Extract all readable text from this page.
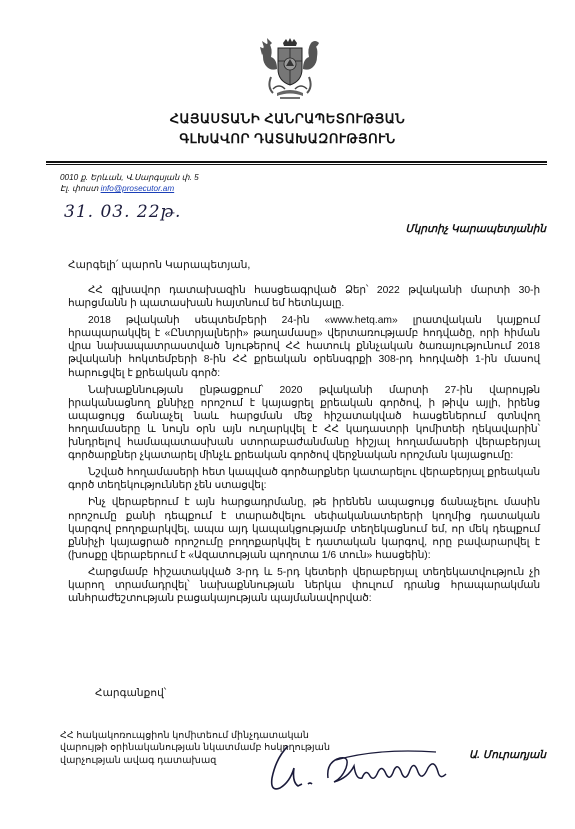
ՀԱՅԱՍՏԱՆԻ ՀԱՆՐԱՊԵՏՈՒԹՅԱՆ
ԳԼԽԱՎՈՐ ԴԱՏԱԽԱԶՈՒԹՅՈՒՆ
0010 ք. Երևան, Վ.Սարգսյան փ. 5
Էլ. փոստ info@prosecutor.am
31. 03. 22թ.
Մկրտիչ Կարապետյանին
Հարգելի՛ պարոն Կարապետյան,

ՀՀ գլխավոր դատախազին հասցեագրված Ձեր՝ 2022 թվականի մարտի 30-ի հարցմանն ի պատասխան հայտնում եմ հետևյալը.

2018 թվականի սեպտեմբերի 24-ին «www.hetq.am» լրատվական կայքում հրապարակվել է «Ընտրյալների» թաղամասը» վերտառությամբ հոդվածը, որի հիման վրա նախապատրաստված նյութերով ՀՀ հատուկ քննչական ծառայությունում 2018 թվականի հոկտեմբերի 8-ին ՀՀ քրեական օրենսգրքի 308-րդ հոդվածի 1-ին մասով հարուցվել է քրեական գործ:

Նախաքննության ընթացքում՝ 2020 թվականի մարտի 27-ին վարույթն իրականացնող քննիչը որոշում է կայացրել քրեական գործով, ի թիվս այլի, իրենց ապացույց ճանաչել նաև հարցման մեջ հիշատակված հասցեներում գտնվող հողամասերը և նույն օրն այն ուղարկվել է ՀՀ կադաստրի կոմիտեի ղեկավարին՝ խնդրելով համապատասխան ստորաբաժանմանը հիշյալ հողամասերի վերաբերյալ գործարքներ չկատարել մինչև քրեական գործով վերջնական որոշման կայացումը:

Նշված հողամասերի հետ կապված գործարքներ կատարելու վերաբերյալ քրեական գործ տեղեկություններ չեն ստացվել:

Ինչ վերաբերում է այն հարցադրմանը, թե իրենեն ապացույց ճանաչելու մասին որոշումը քանի դեպքում է տարածվելու սեփականատերերի կողմից դատական կարգով բողոքարկվել, ապա այդ կապակցությամբ տեղեկացնում եմ, որ մեկ դեպքում քննիչի կայացրած որոշումը բողոքարկվել է դատական կարգով, որը բավարարվել է (խոսքը վերաբերում է «Ազատության պողոտա 1/6 տուն» հասցեին):

Հարցմամբ հիշատակված 3-րդ և 5-րդ կետերի վերաբերյալ տեղեկատվություն չի կարող տրամադրվել՝ նախաքննության ներկա փուլում դրանց հրապարակման անհրաժեշտության բացակայության պայմանավորված:

Հարգանքով՝
ՀՀ հակակոռուպցիոն կոմիտեում մինչդատական
վարույթի օրինականության նկատմամբ հսկողության
վարչության ավագ դատախազ	Ա. Մուրադյան
